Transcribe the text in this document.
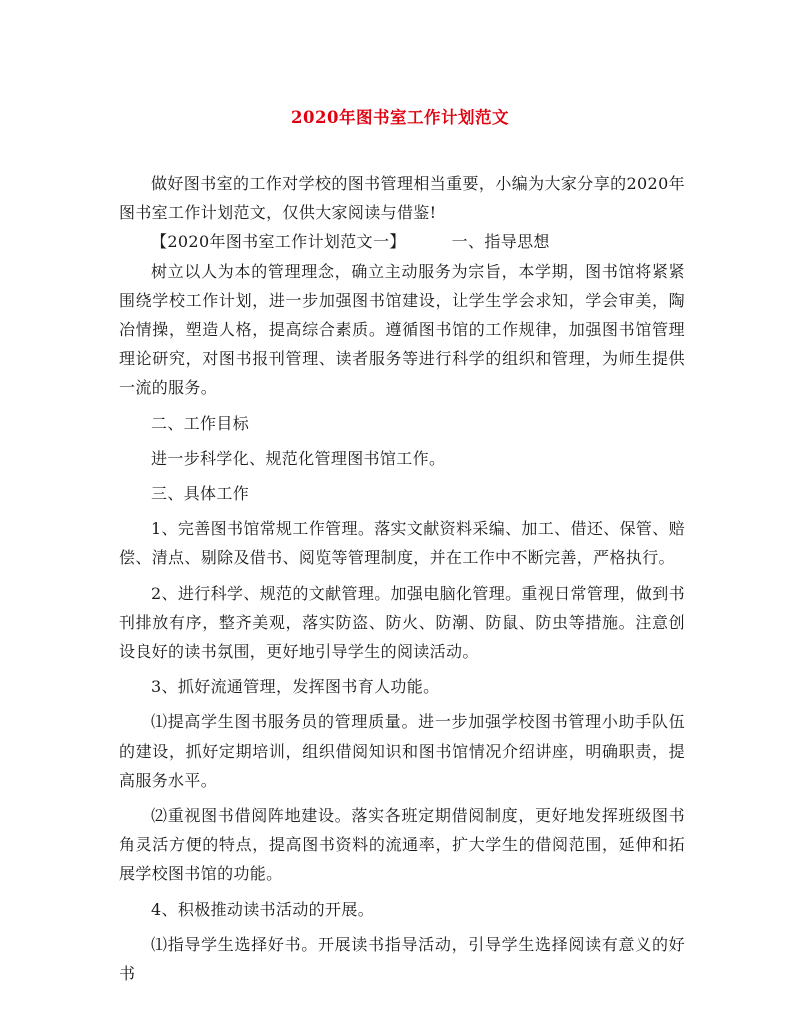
2020年图书室工作计划范文

做好图书室的工作对学校的图书管理相当重要，小编为大家分享的2020年图书室工作计划范文，仅供大家阅读与借鉴!

【2020年图书室工作计划范文一】	一、指导思想

树立以人为本的管理理念，确立主动服务为宗旨，本学期，图书馆将紧紧围绕学校工作计划，进一步加强图书馆建设，让学生学会求知，学会审美，陶冶情操，塑造人格，提高综合素质。遵循图书馆的工作规律，加强图书馆管理理论研究，对图书报刊管理、读者服务等进行科学的组织和管理，为师生提供一流的服务。

二、工作目标

进一步科学化、规范化管理图书馆工作。

三、具体工作

1、完善图书馆常规工作管理。落实文献资料采编、加工、借还、保管、赔偿、清点、剔除及借书、阅览等管理制度，并在工作中不断完善，严格执行。

2、进行科学、规范的文献管理。加强电脑化管理。重视日常管理，做到书刊排放有序，整齐美观，落实防盗、防火、防潮、防鼠、防虫等措施。注意创设良好的读书氛围，更好地引导学生的阅读活动。

3、抓好流通管理，发挥图书育人功能。

⑴提高学生图书服务员的管理质量。进一步加强学校图书管理小助手队伍的建设，抓好定期培训，组织借阅知识和图书馆情况介绍讲座，明确职责，提高服务水平。

⑵重视图书借阅阵地建设。落实各班定期借阅制度，更好地发挥班级图书角灵活方便的特点，提高图书资料的流通率，扩大学生的借阅范围，延伸和拓展学校图书馆的功能。

4、积极推动读书活动的开展。

⑴指导学生选择好书。开展读书指导活动，引导学生选择阅读有意义的好书
